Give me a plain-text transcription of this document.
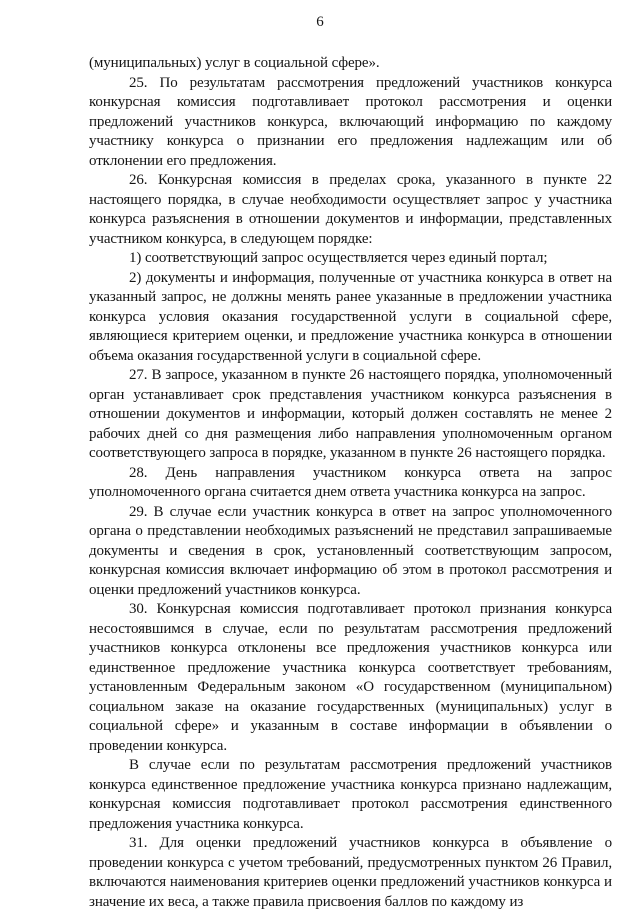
6

(муниципальных) услуг в социальной сфере».

25. По результатам рассмотрения предложений участников конкурса конкурсная комиссия подготавливает протокол рассмотрения и оценки предложений участников конкурса, включающий информацию по каждому участнику конкурса о признании его предложения надлежащим или об отклонении его предложения.

26. Конкурсная комиссия в пределах срока, указанного в пункте 22 настоящего порядка, в случае необходимости осуществляет запрос у участника конкурса разъяснения в отношении документов и информации, представленных участником конкурса, в следующем порядке:

1) соответствующий запрос осуществляется через единый портал;

2) документы и информация, полученные от участника конкурса в ответ на указанный запрос, не должны менять ранее указанные в предложении участника конкурса условия оказания государственной услуги в социальной сфере, являющиеся критерием оценки, и предложение участника конкурса в отношении объема оказания государственной услуги в социальной сфере.

27. В запросе, указанном в пункте 26 настоящего порядка, уполномоченный орган устанавливает срок представления участником конкурса разъяснения в отношении документов и информации, который должен составлять не менее 2 рабочих дней со дня размещения либо направления уполномоченным органом соответствующего запроса в порядке, указанном в пункте 26 настоящего порядка.

28. День направления участником конкурса ответа на запрос уполномоченного органа считается днем ответа участника конкурса на запрос.

29. В случае если участник конкурса в ответ на запрос уполномоченного органа о представлении необходимых разъяснений не представил запрашиваемые документы и сведения в срок, установленный соответствующим запросом, конкурсная комиссия включает информацию об этом в протокол рассмотрения и оценки предложений участников конкурса.

30. Конкурсная комиссия подготавливает протокол признания конкурса несостоявшимся в случае, если по результатам рассмотрения предложений участников конкурса отклонены все предложения участников конкурса или единственное предложение участника конкурса соответствует требованиям, установленным Федеральным законом «О государственном (муниципальном) социальном заказе на оказание государственных (муниципальных) услуг в социальной сфере» и указанным в составе информации в объявлении о проведении конкурса.

В случае если по результатам рассмотрения предложений участников конкурса единственное предложение участника конкурса признано надлежащим, конкурсная комиссия подготавливает протокол рассмотрения единственного предложения участника конкурса.

31. Для оценки предложений участников конкурса в объявление о проведении конкурса с учетом требований, предусмотренных пунктом 26 Правил, включаются наименования критериев оценки предложений участников конкурса и значение их веса, а также правила присвоения баллов по каждому из
